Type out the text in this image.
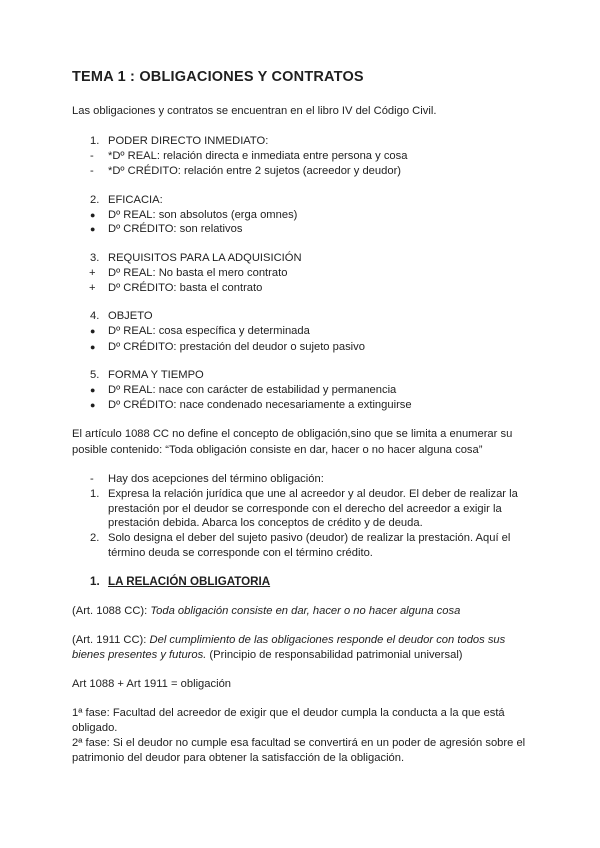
TEMA 1 : OBLIGACIONES Y CONTRATOS
Las obligaciones y contratos se encuentran en el libro IV del Código Civil.
1. PODER DIRECTO INMEDIATO:
- *Dº REAL: relación directa e inmediata entre persona y cosa
- *Dº CRÉDITO: relación entre 2 sujetos (acreedor y deudor)
2. EFICACIA:
● Dº REAL: son absolutos (erga omnes)
● Dº CRÉDITO: son relativos
3. REQUISITOS PARA LA ADQUISICIÓN
+ Dº REAL: No basta el mero contrato
+ Dº CRÉDITO: basta el contrato
4. OBJETO
● Dº REAL: cosa específica y determinada
● Dº CRÉDITO: prestación del deudor o sujeto pasivo
5. FORMA Y TIEMPO
● Dº REAL: nace con carácter de estabilidad y permanencia
● Dº CRÉDITO: nace condenado necesariamente a extinguirse
El artículo 1088 CC no define el concepto de obligación,sino que se limita a enumerar su
posible contenido: “Toda obligación consiste en dar, hacer o no hacer alguna cosa”
- Hay dos acepciones del término obligación:
1. Expresa la relación jurídica que une al acreedor y al deudor. El deber de realizar la
prestación por el deudor se corresponde con el derecho del acreedor a exigir la
prestación debida. Abarca los conceptos de crédito y de deuda.
2. Solo designa el deber del sujeto pasivo (deudor) de realizar la prestación. Aquí el
término deuda se corresponde con el término crédito.
1. LA RELACIÓN OBLIGATORIA
(Art. 1088 CC): Toda obligación consiste en dar, hacer o no hacer alguna cosa
(Art. 1911 CC): Del cumplimiento de las obligaciones responde el deudor con todos sus
bienes presentes y futuros. (Principio de responsabilidad patrimonial universal)
Art 1088 + Art 1911 = obligación
1ª fase: Facultad del acreedor de exigir que el deudor cumpla la conducta a la que está
obligado.
2ª fase: Si el deudor no cumple esa facultad se convertirá en un poder de agresión sobre el
patrimonio del deudor para obtener la satisfacción de la obligación.
